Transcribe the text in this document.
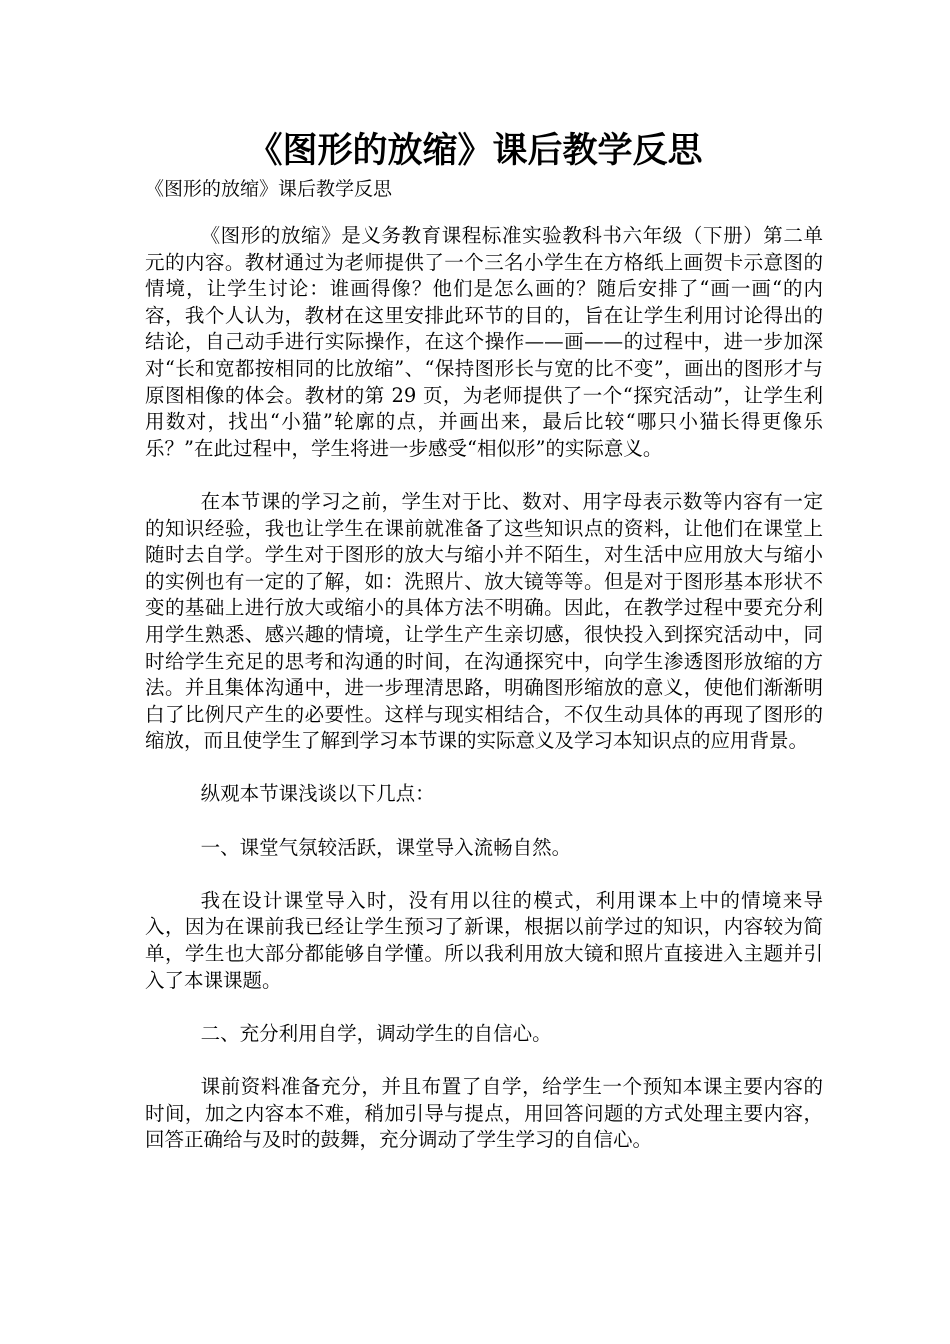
《图形的放缩》课后教学反思
《图形的放缩》课后教学反思

《图形的放缩》是义务教育课程标准实验教科书六年级（下册）第二单元的内容。教材通过为老师提供了一个三名小学生在方格纸上画贺卡示意图的情境，让学生讨论：谁画得像？他们是怎么画的？随后安排了“画一画“的内容，我个人认为，教材在这里安排此环节的目的，旨在让学生利用讨论得出的结论，自己动手进行实际操作，在这个操作——画——的过程中，进一步加深对“长和宽都按相同的比放缩”、“保持图形长与宽的比不变”，画出的图形才与原图相像的体会。教材的第 29 页，为老师提供了一个“探究活动”，让学生利用数对，找出“小猫”轮廓的点，并画出来，最后比较“哪只小猫长得更像乐乐？”在此过程中，学生将进一步感受“相似形”的实际意义。

在本节课的学习之前，学生对于比、数对、用字母表示数等内容有一定的知识经验，我也让学生在课前就准备了这些知识点的资料，让他们在课堂上随时去自学。学生对于图形的放大与缩小并不陌生，对生活中应用放大与缩小的实例也有一定的了解，如：洗照片、放大镜等等。但是对于图形基本形状不变的基础上进行放大或缩小的具体方法不明确。因此，在教学过程中要充分利用学生熟悉、感兴趣的情境，让学生产生亲切感，很快投入到探究活动中，同时给学生充足的思考和沟通的时间，在沟通探究中，向学生渗透图形放缩的方法。并且集体沟通中，进一步理清思路，明确图形缩放的意义，使他们渐渐明白了比例尺产生的必要性。这样与现实相结合，不仅生动具体的再现了图形的缩放，而且使学生了解到学习本节课的实际意义及学习本知识点的应用背景。

纵观本节课浅谈以下几点：

一、课堂气氛较活跃，课堂导入流畅自然。

我在设计课堂导入时，没有用以往的模式，利用课本上中的情境来导入，因为在课前我已经让学生预习了新课，根据以前学过的知识，内容较为简单，学生也大部分都能够自学懂。所以我利用放大镜和照片直接进入主题并引入了本课课题。

二、充分利用自学，调动学生的自信心。

课前资料准备充分，并且布置了自学，给学生一个预知本课主要内容的时间，加之内容本不难，稍加引导与提点，用回答问题的方式处理主要内容，回答正确给与及时的鼓舞，充分调动了学生学习的自信心。
